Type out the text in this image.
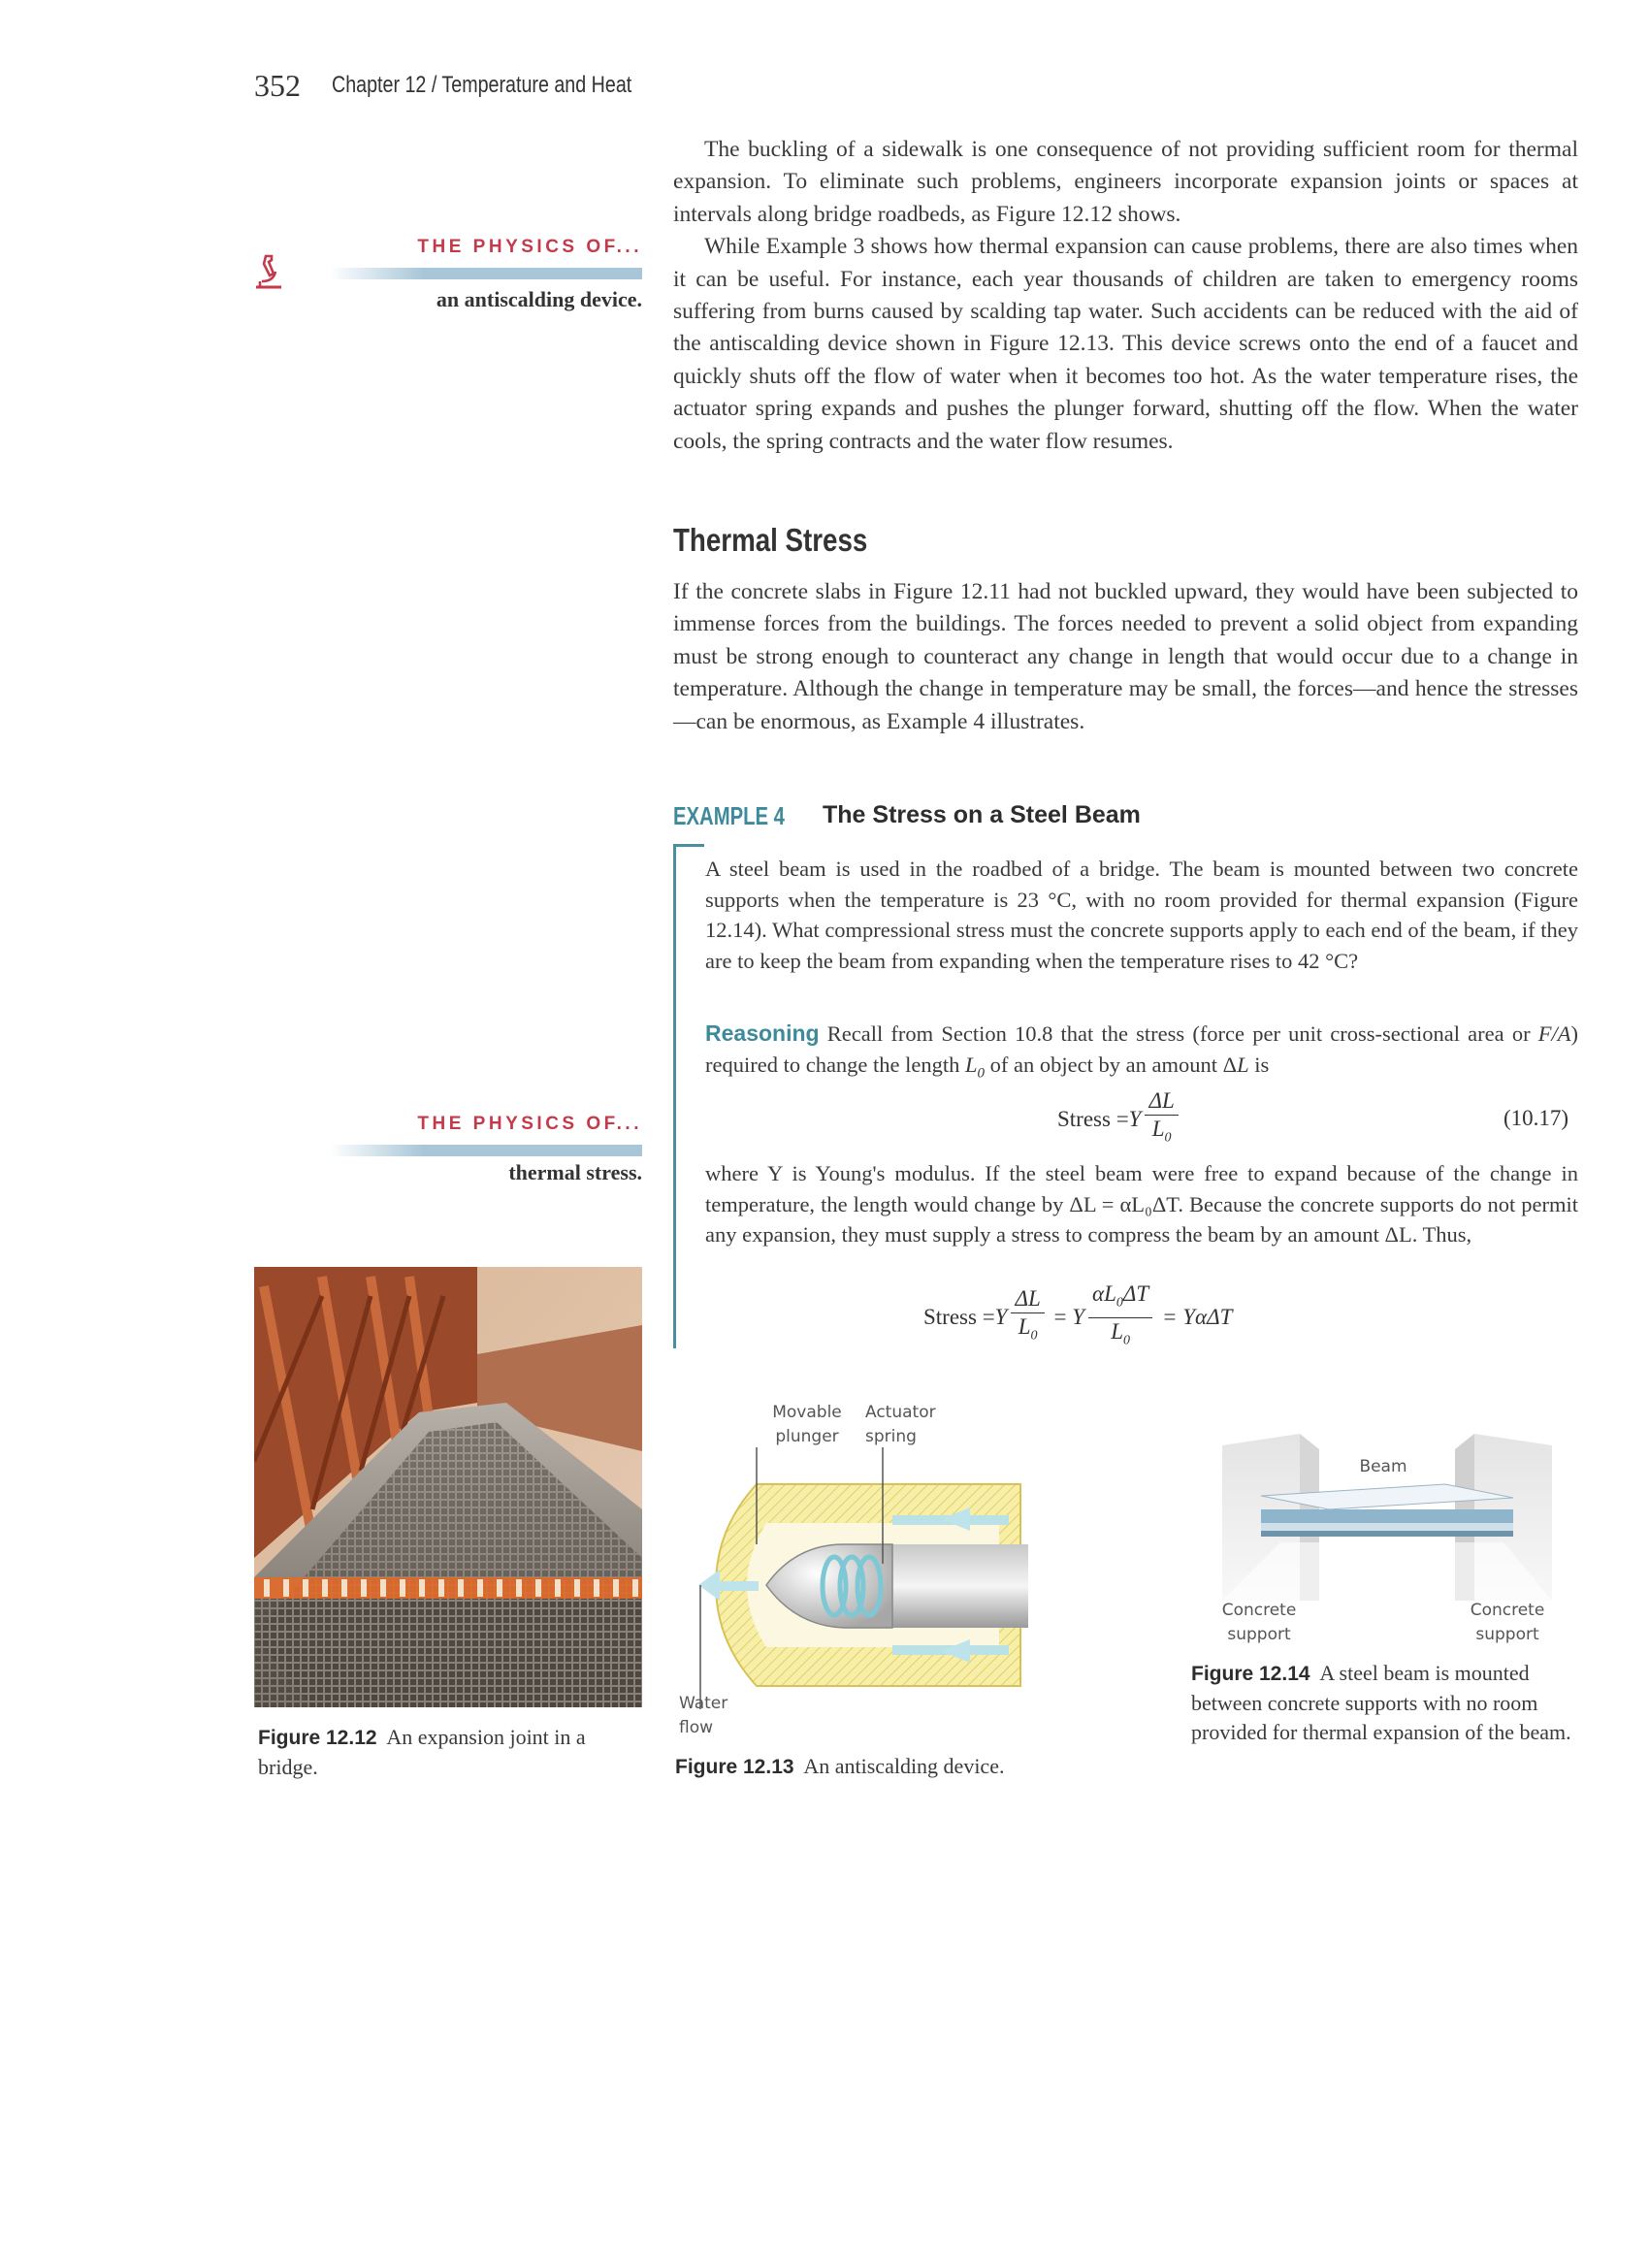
352 Chapter 12 / Temperature and Heat
THE PHYSICS OF...
an antiscalding device.
THE PHYSICS OF...
thermal stress.

The buckling of a sidewalk is one consequence of not providing sufficient room for thermal expansion. To eliminate such problems, engineers incorporate expansion joints or spaces at intervals along bridge roadbeds, as Figure 12.12 shows.

While Example 3 shows how thermal expansion can cause problems, there are also times when it can be useful. For instance, each year thousands of children are taken to emergency rooms suffering from burns caused by scalding tap water. Such accidents can be reduced with the aid of the antiscalding device shown in Figure 12.13. This device screws onto the end of a faucet and quickly shuts off the flow of water when it becomes too hot. As the water temperature rises, the actuator spring expands and pushes the plunger forward, shutting off the flow. When the water cools, the spring contracts and the water flow resumes.

Thermal Stress

If the concrete slabs in Figure 12.11 had not buckled upward, they would have been subjected to immense forces from the buildings. The forces needed to prevent a solid object from expanding must be strong enough to counteract any change in length that would occur due to a change in temperature. Although the change in temperature may be small, the forces—and hence the stresses—can be enormous, as Example 4 illustrates.

EXAMPLE 4 The Stress on a Steel Beam
A steel beam is used in the roadbed of a bridge. The beam is mounted between two concrete supports when the temperature is 23 °C, with no room provided for thermal expansion (Figure 12.14). What compressional stress must the concrete supports apply to each end of the beam, if they are to keep the beam from expanding when the temperature rises to 42 °C?
Reasoning Recall from Section 10.8 that the stress (force per unit cross-sectional area or F/A) required to change the length $L_0$ of an object by an amount ΔL is
Stress = Y $\frac{\Delta L}{L_0}$	(10.17)
where Y is Young's modulus. If the steel beam were free to expand because of the change in temperature, the length would change by ΔL = αL₀ΔT. Because the concrete supports do not permit any expansion, they must supply a stress to compress the beam by an amount ΔL. Thus,
Stress = Y $\frac{\Delta L}{L_0} = Y \frac{\alpha L_0\Delta T}{L_0} = Y\alpha\Delta T$
Figure 12.12 An expansion joint in a bridge.
Movable
plunger
Actuator
spring
Water
flow
Figure 12.13 An antiscalding device.
Beam
Concrete
support
Concrete
support
Figure 12.14 A steel beam is mounted between concrete supports with no room provided for thermal expansion of the beam.
